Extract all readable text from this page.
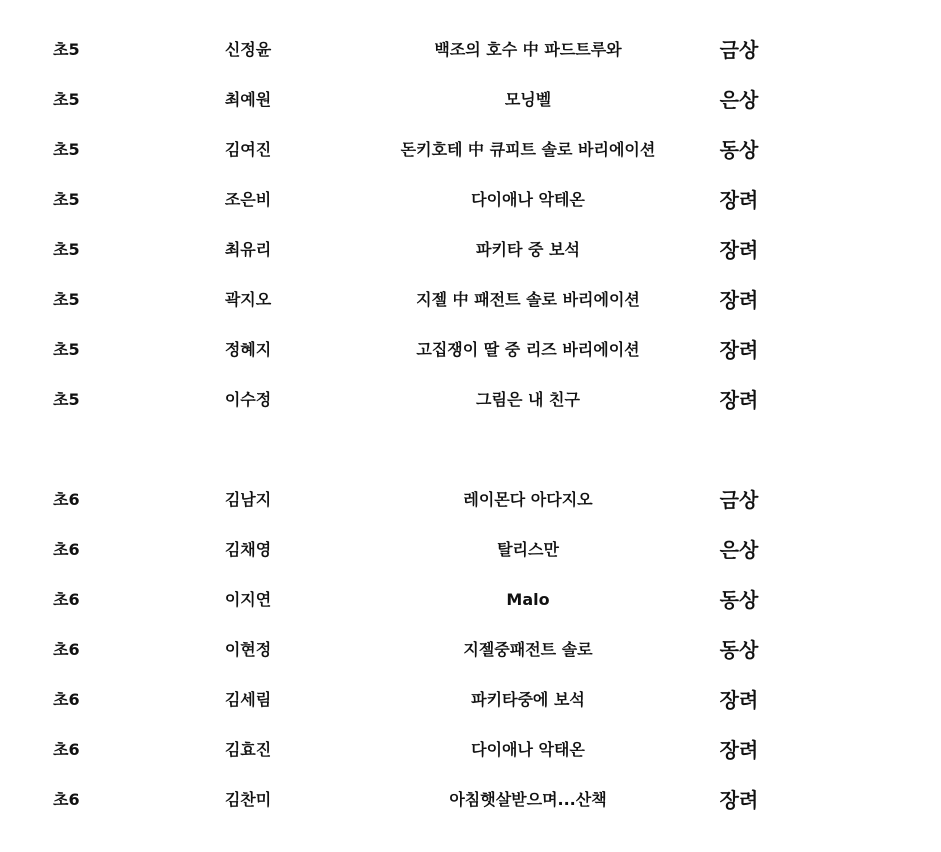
초5	신정윤	백조의 호수 中 파드트루와	금상
초5	최예원	모닝벨	은상
초5	김여진	돈키호테 中 큐피트 솔로 바리에이션	동상
초5	조은비	다이애나 악테온	장려
초5	최유리	파키타 중 보석	장려
초5	곽지오	지젤 中 패전트 솔로 바리에이션	장려
초5	정혜지	고집쟁이 딸 중 리즈 바리에이션	장려
초5	이수정	그림은 내 친구	장려
초6	김남지	레이몬다 아다지오	금상
초6	김채영	탈리스만	은상
초6	이지연	Malo	동상
초6	이현정	지젤중패전트 솔로	동상
초6	김세림	파키타중에 보석	장려
초6	김효진	다이애나 악태온	장려
초6	김찬미	아침햇살받으며...산책	장려
